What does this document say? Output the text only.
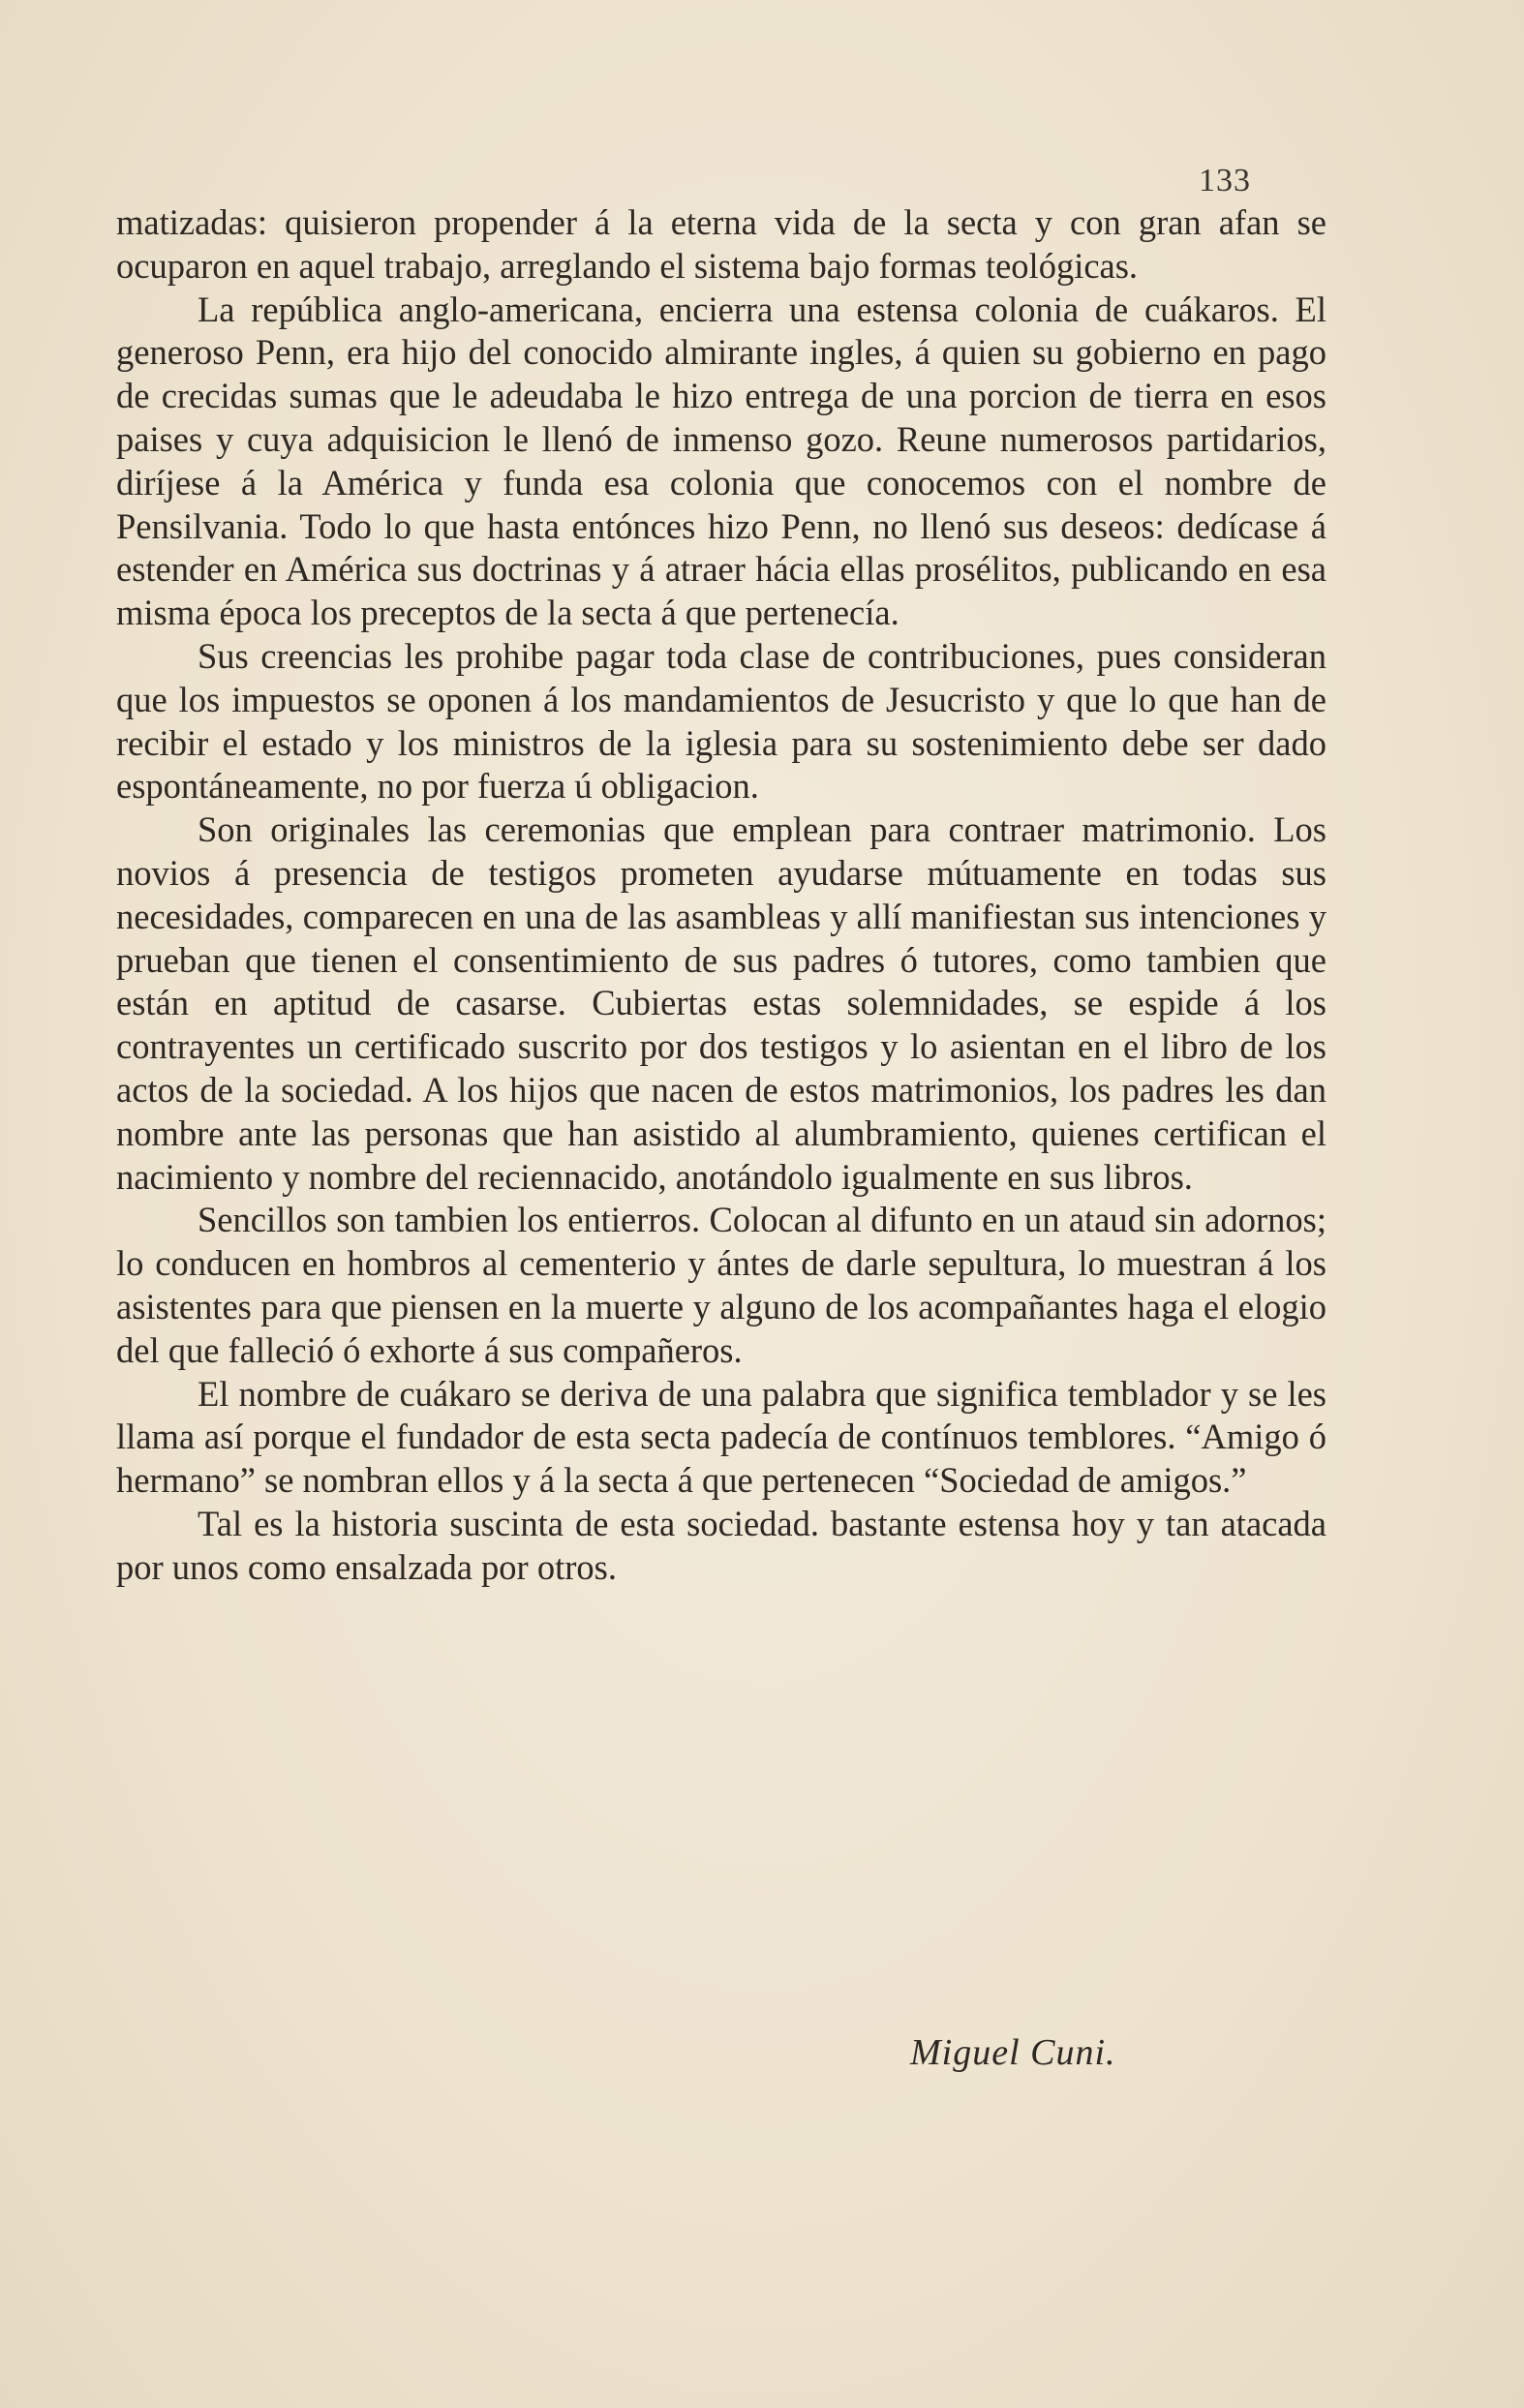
133

matizadas: quisieron propender á la eterna vida de la secta y con gran afan se ocuparon en aquel trabajo, arreglando el sistema bajo formas teológicas.

La república anglo-americana, encierra una estensa colonia de cuákaros. El generoso Penn, era hijo del conocido almirante ingles, á quien su gobierno en pago de crecidas sumas que le adeudaba le hizo entrega de una porcion de tierra en esos paises y cuya adquisicion le llenó de inmenso gozo. Reune numerosos partidarios, diríjese á la América y funda esa colonia que conocemos con el nombre de Pensilvania. Todo lo que hasta entónces hizo Penn, no llenó sus deseos: dedícase á estender en América sus doctrinas y á atraer hácia ellas prosélitos, publicando en esa misma época los preceptos de la secta á que pertenecía.

Sus creencias les prohibe pagar toda clase de contribuciones, pues consideran que los impuestos se oponen á los mandamientos de Jesucristo y que lo que han de recibir el estado y los ministros de la iglesia para su sostenimiento debe ser dado espontáneamente, no por fuerza ú obligacion.

Son originales las ceremonias que emplean para contraer matrimonio. Los novios á presencia de testigos prometen ayudarse mútuamente en todas sus necesidades, comparecen en una de las asambleas y allí manifiestan sus intenciones y prueban que tienen el consentimiento de sus padres ó tutores, como tambien que están en aptitud de casarse. Cubiertas estas solemnidades, se espide á los contrayentes un certificado suscrito por dos testigos y lo asientan en el libro de los actos de la sociedad. A los hijos que nacen de estos matrimonios, los padres les dan nombre ante las personas que han asistido al alumbramiento, quienes certifican el nacimiento y nombre del reciennacido, anotándolo igualmente en sus libros.

Sencillos son tambien los entierros. Colocan al difunto en un ataud sin adornos; lo conducen en hombros al cementerio y ántes de darle sepultura, lo muestran á los asistentes para que piensen en la muerte y alguno de los acompañantes haga el elogio del que falleció ó exhorte á sus compañeros.

El nombre de cuákaro se deriva de una palabra que significa temblador y se les llama así porque el fundador de esta secta padecía de contínuos temblores. “Amigo ó hermano” se nombran ellos y á la secta á que pertenecen “Sociedad de amigos.”

Tal es la historia suscinta de esta sociedad. bastante estensa hoy y tan atacada por unos como ensalzada por otros.

Miguel Cuni.
